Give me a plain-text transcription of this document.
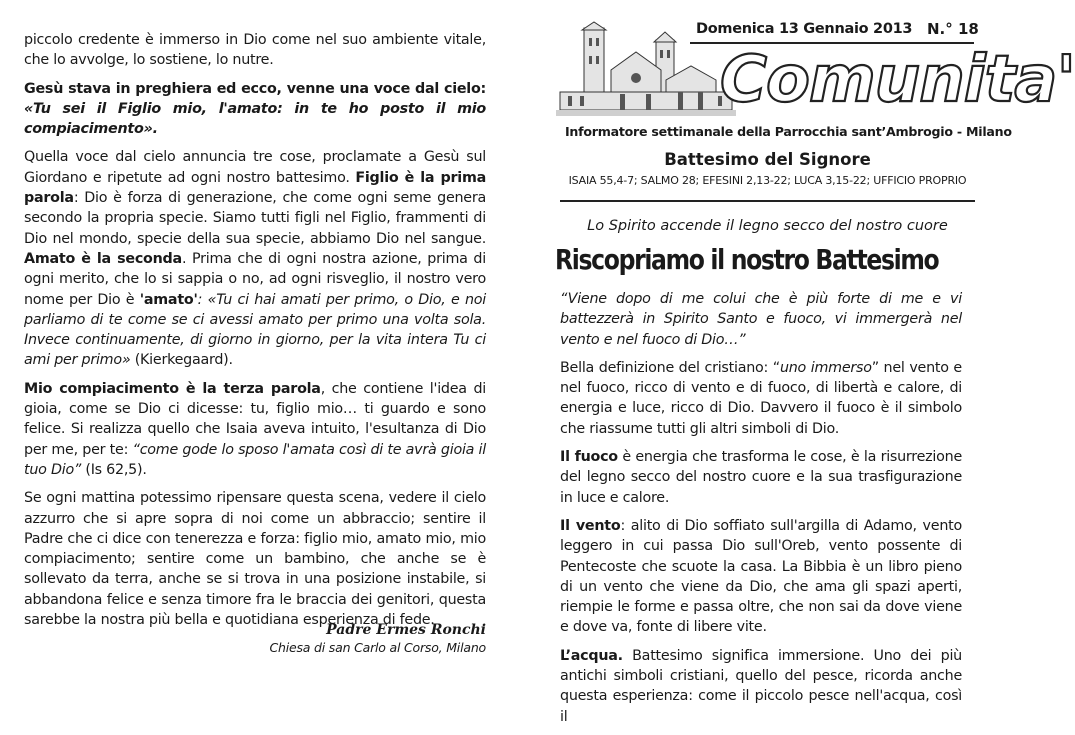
piccolo credente è immerso in Dio come nel suo ambiente vitale, che lo avvolge, lo sostiene, lo nutre.

Gesù stava in preghiera ed ecco, venne una voce dal cielo: «Tu sei il Figlio mio, l'amato: in te ho posto il mio compiacimento».

Quella voce dal cielo annuncia tre cose, proclamate a Gesù sul Giordano e ripetute ad ogni nostro battesimo. Figlio è la prima parola: Dio è forza di generazione, che come ogni seme genera secondo la propria specie. Siamo tutti figli nel Figlio, frammenti di Dio nel mondo, specie della sua specie, abbiamo Dio nel sangue. Amato è la seconda. Prima che di ogni nostra azione, prima di ogni merito, che lo si sappia o no, ad ogni risveglio, il nostro vero nome per Dio è 'amato': «Tu ci hai amati per primo, o Dio, e noi parliamo di te come se ci avessi amato per primo una volta sola. Invece continuamente, di giorno in giorno, per la vita intera Tu ci ami per primo» (Kierkegaard).

Mio compiacimento è la terza parola, che contiene l'idea di gioia, come se Dio ci dicesse: tu, figlio mio… ti guardo e sono felice. Si realizza quello che Isaia aveva intuito, l'esultanza di Dio per me, per te: “come gode lo sposo l'amata così di te avrà gioia il tuo Dio” (Is 62,5).

Se ogni mattina potessimo ripensare questa scena, vedere il cielo azzurro che si apre sopra di noi come un abbraccio; sentire il Padre che ci dice con tenerezza e forza: figlio mio, amato mio, mio compiacimento; sentire come un bambino, che anche se è sollevato da terra, anche se si trova in una posizione instabile, si abbandona felice e senza timore fra le braccia dei genitori, questa sarebbe la nostra più bella e quotidiana esperienza di fede.

Padre Ermes Ronchi
Chiesa di san Carlo al Corso, Milano
Domenica 13 Gennaio 2013 N.° 18
Comunita'
Informatore settimanale della Parrocchia sant’Ambrogio - Milano
Battesimo del Signore
ISAIA 55,4-7; SALMO 28; EFESINI 2,13-22; LUCA 3,15-22; UFFICIO PROPRIO
Lo Spirito accende il legno secco del nostro cuore
Riscopriamo il nostro Battesimo

“Viene dopo di me colui che è più forte di me e vi battezzerà in Spirito Santo e fuoco, vi immergerà nel vento e nel fuoco di Dio…”

Bella definizione del cristiano: “uno immerso” nel vento e nel fuoco, ricco di vento e di fuoco, di libertà e calore, di energia e luce, ricco di Dio. Davvero il fuoco è il simbolo che riassume tutti gli altri simboli di Dio.

Il fuoco è energia che trasforma le cose, è la risurrezione del legno secco del nostro cuore e la sua trasfigurazione in luce e calore.

Il vento: alito di Dio soffiato sull'argilla di Adamo, vento leggero in cui passa Dio sull'Oreb, vento possente di Pentecoste che scuote la casa. La Bibbia è un libro pieno di un vento che viene da Dio, che ama gli spazi aperti, riempie le forme e passa oltre, che non sai da dove viene e dove va, fonte di libere vite.

L’acqua. Battesimo significa immersione. Uno dei più antichi simboli cristiani, quello del pesce, ricorda anche questa esperienza: come il piccolo pesce nell'acqua, così il
